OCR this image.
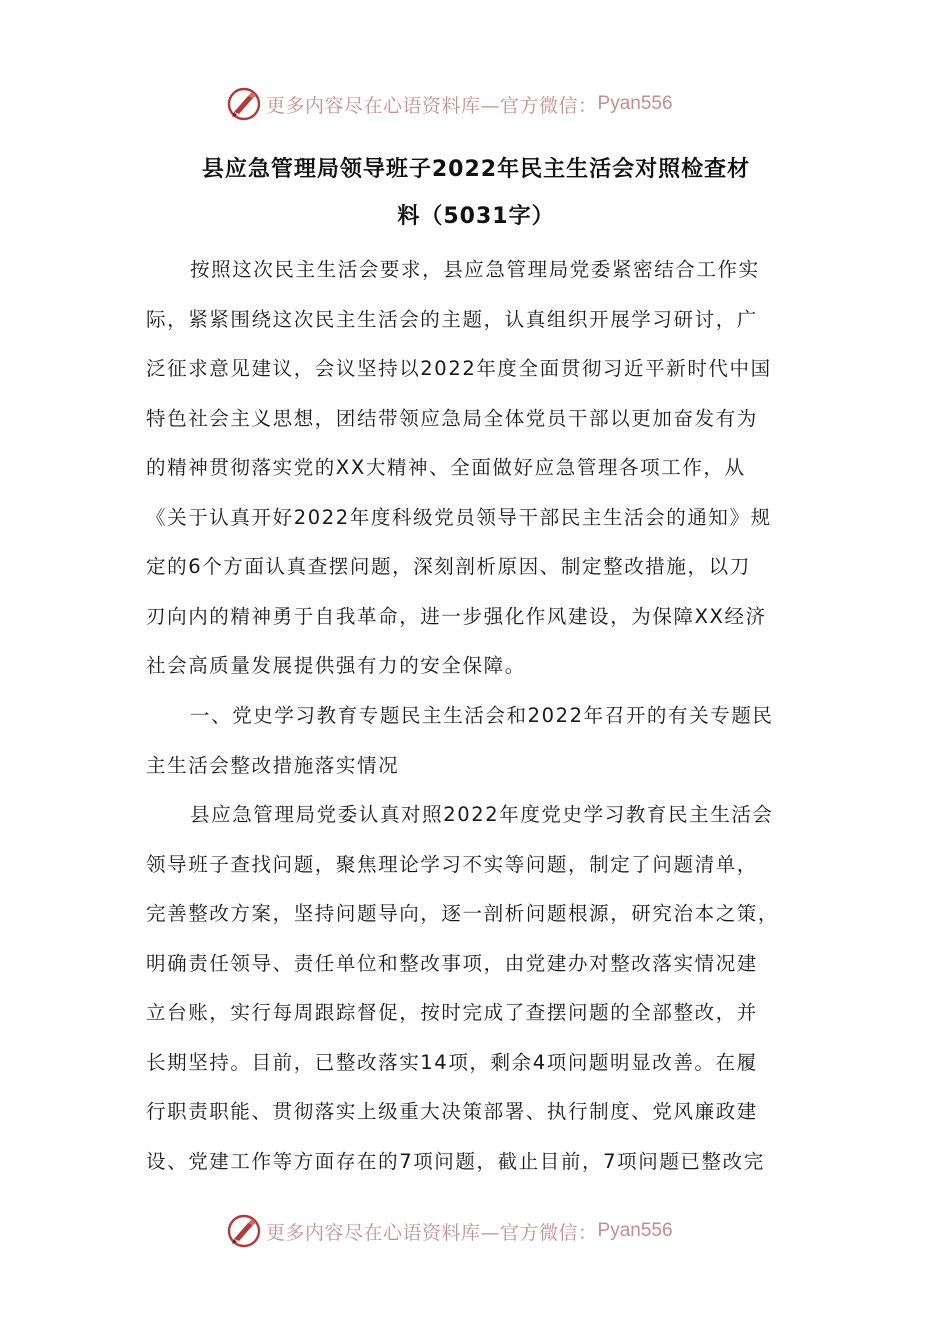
更多内容尽在心语资料库—官方微信： Pyan556
县应急管理局领导班子2022年民主生活会对照检查材
料（5031字）
按照这次民主生活会要求，县应急管理局党委紧密结合工作实
际，紧紧围绕这次民主生活会的主题，认真组织开展学习研讨，广
泛征求意见建议，会议坚持以2022年度全面贯彻习近平新时代中国
特色社会主义思想，团结带领应急局全体党员干部以更加奋发有为
的精神贯彻落实党的XX大精神、全面做好应急管理各项工作，从
《关于认真开好2022年度科级党员领导干部民主生活会的通知》规
定的6个方面认真查摆问题，深刻剖析原因、制定整改措施，以刀
刃向内的精神勇于自我革命，进一步强化作风建设，为保障XX经济
社会高质量发展提供强有力的安全保障。
一、党史学习教育专题民主生活会和2022年召开的有关专题民
主生活会整改措施落实情况
县应急管理局党委认真对照2022年度党史学习教育民主生活会
领导班子查找问题，聚焦理论学习不实等问题，制定了问题清单，
完善整改方案，坚持问题导向，逐一剖析问题根源，研究治本之策，
明确责任领导、责任单位和整改事项，由党建办对整改落实情况建
立台账，实行每周跟踪督促，按时完成了查摆问题的全部整改，并
长期坚持。目前，已整改落实14项，剩余4项问题明显改善。在履
行职责职能、贯彻落实上级重大决策部署、执行制度、党风廉政建
设、党建工作等方面存在的7项问题，截止目前，7项问题已整改完
更多内容尽在心语资料库—官方微信： Pyan556
